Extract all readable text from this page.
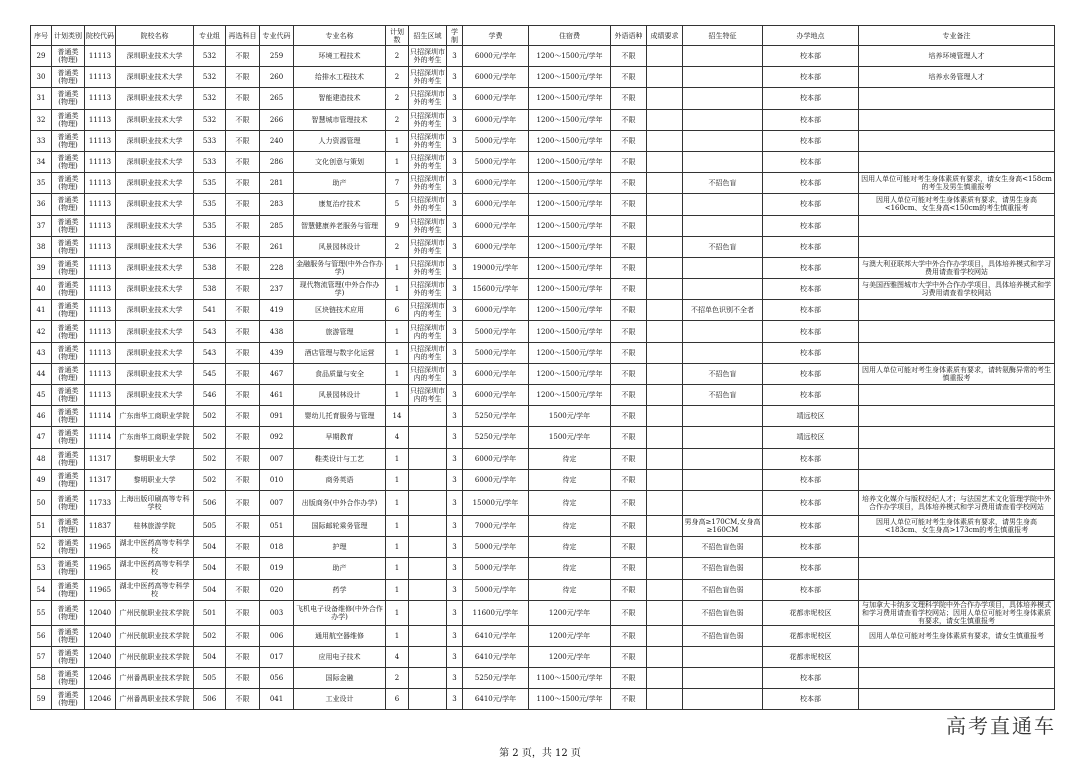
序号	计划类别	院校代码	院校名称	专业组	再选科目	专业代码	专业名称	计划数	招生区域	学制	学费	住宿费	外语语种	成绩要求	招生特征	办学地点	专业备注
29	普通类(物理)	11113	深圳职业技术大学	532	不限	259	环境工程技术	2	只招深圳市外的考生	3	6000元/学年	1200～1500元/学年	不限			校本部	培养环境管理人才
30	普通类(物理)	11113	深圳职业技术大学	532	不限	260	给排水工程技术	2	只招深圳市外的考生	3	6000元/学年	1200～1500元/学年	不限			校本部	培养水务管理人才
31	普通类(物理)	11113	深圳职业技术大学	532	不限	265	智能建造技术	2	只招深圳市外的考生	3	6000元/学年	1200～1500元/学年	不限			校本部	
32	普通类(物理)	11113	深圳职业技术大学	532	不限	266	智慧城市管理技术	2	只招深圳市外的考生	3	6000元/学年	1200～1500元/学年	不限			校本部	
33	普通类(物理)	11113	深圳职业技术大学	533	不限	240	人力资源管理	1	只招深圳市外的考生	3	5000元/学年	1200～1500元/学年	不限			校本部	
34	普通类(物理)	11113	深圳职业技术大学	533	不限	286	文化创意与策划	1	只招深圳市外的考生	3	5000元/学年	1200～1500元/学年	不限			校本部	
35	普通类(物理)	11113	深圳职业技术大学	535	不限	281	助产	7	只招深圳市外的考生	3	6000元/学年	1200～1500元/学年	不限		不招色盲	校本部	因用人单位可能对考生身体素质有要求，请女生身高<158cm的考生及男生慎重报考
36	普通类(物理)	11113	深圳职业技术大学	535	不限	283	康复治疗技术	5	只招深圳市外的考生	3	6000元/学年	1200～1500元/学年	不限			校本部	因用人单位可能对考生身体素质有要求，请男生身高<160cm、女生身高<150cm的考生慎重报考
37	普通类(物理)	11113	深圳职业技术大学	535	不限	285	智慧健康养老服务与管理	9	只招深圳市外的考生	3	6000元/学年	1200～1500元/学年	不限			校本部	
38	普通类(物理)	11113	深圳职业技术大学	536	不限	261	风景园林设计	2	只招深圳市外的考生	3	6000元/学年	1200～1500元/学年	不限		不招色盲	校本部	
39	普通类(物理)	11113	深圳职业技术大学	538	不限	228	金融服务与管理(中外合作办学)	1	只招深圳市外的考生	3	19000元/学年	1200～1500元/学年	不限			校本部	与澳大利亚联邦大学中外合作办学项目，具体培养模式和学习费用请查看学校网站
40	普通类(物理)	11113	深圳职业技术大学	538	不限	237	现代物流管理(中外合作办学)	1	只招深圳市外的考生	3	15600元/学年	1200～1500元/学年	不限			校本部	与美国西雅图城市大学中外合作办学项目，具体培养模式和学习费用请查看学校网站
41	普通类(物理)	11113	深圳职业技术大学	541	不限	419	区块链技术应用	6	只招深圳市内的考生	3	6000元/学年	1200～1500元/学年	不限		不招单色识别不全者	校本部	
42	普通类(物理)	11113	深圳职业技术大学	543	不限	438	旅游管理	1	只招深圳市内的考生	3	5000元/学年	1200～1500元/学年	不限			校本部	
43	普通类(物理)	11113	深圳职业技术大学	543	不限	439	酒店管理与数字化运营	1	只招深圳市内的考生	3	5000元/学年	1200～1500元/学年	不限			校本部	
44	普通类(物理)	11113	深圳职业技术大学	545	不限	467	食品质量与安全	1	只招深圳市内的考生	3	6000元/学年	1200～1500元/学年	不限		不招色盲	校本部	因用人单位可能对考生身体素质有要求，请转氨酶异常的考生慎重报考
45	普通类(物理)	11113	深圳职业技术大学	546	不限	461	风景园林设计	1	只招深圳市内的考生	3	6000元/学年	1200～1500元/学年	不限		不招色盲	校本部	
46	普通类(物理)	11114	广东南华工商职业学院	502	不限	091	婴幼儿托育服务与管理	14		3	5250元/学年	1500元/学年	不限			靖远校区	
47	普通类(物理)	11114	广东南华工商职业学院	502	不限	092	早期教育	4		3	5250元/学年	1500元/学年	不限			靖远校区	
48	普通类(物理)	11317	黎明职业大学	502	不限	007	鞋类设计与工艺	1		3	6000元/学年	待定	不限			校本部	
49	普通类(物理)	11317	黎明职业大学	502	不限	010	商务英语	1		3	6000元/学年	待定	不限			校本部	
50	普通类(物理)	11733	上海出版印刷高等专科学校	506	不限	007	出版商务(中外合作办学)	1		3	15000元/学年	待定	不限			校本部	培养文化媒介与版权经纪人才；与法国艺术文化管理学院中外合作办学项目，具体培养模式和学习费用请查看学校网站
51	普通类(物理)	11837	桂林旅游学院	505	不限	051	国际邮轮乘务管理	1		3	7000元/学年	待定	不限		男身高≥170CM,女身高≥160CM	校本部	因用人单位可能对考生身体素质有要求，请男生身高<183cm、女生身高>173cm的考生慎重报考
52	普通类(物理)	11965	湖北中医药高等专科学校	504	不限	018	护理	1		3	5000元/学年	待定	不限		不招色盲色弱	校本部	
53	普通类(物理)	11965	湖北中医药高等专科学校	504	不限	019	助产	1		3	5000元/学年	待定	不限		不招色盲色弱	校本部	
54	普通类(物理)	11965	湖北中医药高等专科学校	504	不限	020	药学	1		3	5000元/学年	待定	不限		不招色盲色弱	校本部	
55	普通类(物理)	12040	广州民航职业技术学院	501	不限	003	飞机电子设备维修(中外合作办学)	1		3	11600元/学年	1200元/学年	不限		不招色盲色弱	花都赤坭校区	与加拿大卡纳多文理科学院中外合作办学项目，具体培养模式和学习费用请查看学校网站；因用人单位可能对考生身体素质有要求，请女生慎重报考
56	普通类(物理)	12040	广州民航职业技术学院	502	不限	006	通用航空器维修	1		3	6410元/学年	1200元/学年	不限		不招色盲色弱	花都赤坭校区	因用人单位可能对考生身体素质有要求，请女生慎重报考
57	普通类(物理)	12040	广州民航职业技术学院	504	不限	017	应用电子技术	4		3	6410元/学年	1200元/学年	不限			花都赤坭校区	
58	普通类(物理)	12046	广州番禺职业技术学院	505	不限	056	国际金融	2		3	5250元/学年	1100～1500元/学年	不限			校本部	
59	普通类(物理)	12046	广州番禺职业技术学院	506	不限	041	工业设计	6		3	6410元/学年	1100～1500元/学年	不限			校本部	
第 2 页，共 12 页
高考直通车
